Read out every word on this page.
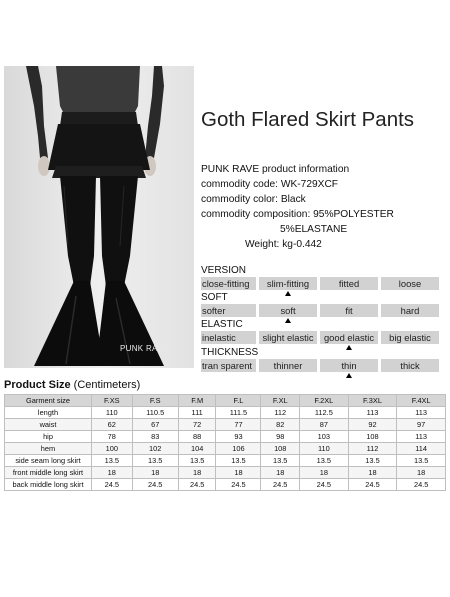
PUNK RAVE
Goth Flared Skirt Pants
PUNK RAVE product information
commodity code: WK-729XCF
commodity color: Black
commodity composition: 95%POLYESTER
5%ELASTANE
Weight: kg-0.442
VERSION
close-fitting	slim-fitting	fitted	loose
SOFT
softer	soft	fit	hard
ELASTIC
inelastic	slight elastic	good elastic	big elastic
THICKNESS
tran sparent	thinner	thin	thick
Product Size (Centimeters)
Garment size	F.XS	F.S	F.M	F.L	F.XL	F.2XL	F.3XL	F.4XL
length	110	110.5	111	111.5	112	112.5	113	113
waist	62	67	72	77	82	87	92	97
hip	78	83	88	93	98	103	108	113
hem	100	102	104	106	108	110	112	114
side seam long skirt	13.5	13.5	13.5	13.5	13.5	13.5	13.5	13.5
front middle long skirt	18	18	18	18	18	18	18	18
back middle long skirt	24.5	24.5	24.5	24.5	24.5	24.5	24.5	24.5
